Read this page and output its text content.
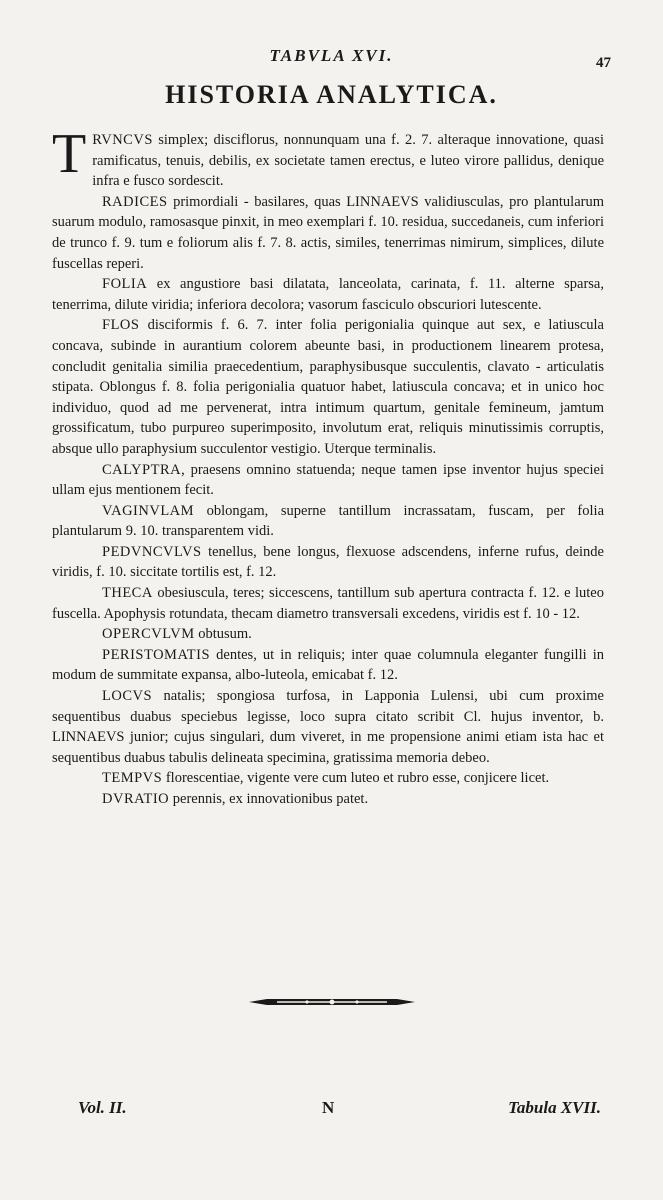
TABVLA XVI.	47
HISTORIA ANALYTICA.

TRVNCVS simplex; disciflorus, nonnunquam una f. 2. 7. alteraque innovatione, quasi ramificatus, tenuis, debilis, ex societate tamen erectus, e luteo virore pallidus, denique infra e fusco sordescit.

RADICES primordiali - basilares, quas LINNAEVS validiusculas, pro plantularum suarum modulo, ramosasque pinxit, in meo exemplari f. 10. residua, succedaneis, cum inferiori de trunco f. 9. tum e foliorum alis f. 7. 8. actis, similes, tenerrimas nimirum, simplices, dilute fuscellas reperi.

FOLIA ex angustiore basi dilatata, lanceolata, carinata, f. 11. alterne sparsa, tenerrima, dilute viridia; inferiora decolora; vasorum fasciculo obscuriori lutescente.

FLOS disciformis f. 6. 7. inter folia perigonialia quinque aut sex, e latiuscula concava, subinde in aurantium colorem abeunte basi, in productionem linearem protesa, concludit genitalia similia praecedentium, paraphysibusque succulentis, clavato - articulatis stipata. Oblongus f. 8. folia perigonialia quatuor habet, latiuscula concava; et in unico hoc individuo, quod ad me pervenerat, intra intimum quartum, genitale femineum, jamtum grossificatum, tubo purpureo superimposito, involutum erat, reliquis minutissimis corruptis, absque ullo paraphysium succulentor vestigio. Uterque terminalis.

CALYPTRA, praesens omnino statuenda; neque tamen ipse inventor hujus speciei ullam ejus mentionem fecit.

VAGINVLAM oblongam, superne tantillum incrassatam, fuscam, per folia plantularum 9. 10. transparentem vidi.

PEDVNCVLVS tenellus, bene longus, flexuose adscendens, inferne rufus, deinde viridis, f. 10. siccitate tortilis est, f. 12.

THECA obesiuscula, teres; siccescens, tantillum sub apertura contracta f. 12. e luteo fuscella. Apophysis rotundata, thecam diametro transversali excedens, viridis est f. 10 - 12.

OPERCVLVM obtusum.

PERISTOMATIS dentes, ut in reliquis; inter quae columnula eleganter fungilli in modum de summitate expansa, albo-luteola, emicabat f. 12.

LOCVS natalis; spongiosa turfosa, in Lapponia Lulensi, ubi cum proxime sequentibus duabus speciebus legisse, loco supra citato scribit Cl. hujus inventor, b. LINNAEVS junior; cujus singulari, dum viveret, in me propensione animi etiam ista hac et sequentibus duabus tabulis delineata specimina, gratissima memoria debeo.

TEMPVS florescentiae, vigente vere cum luteo et rubro esse, conjicere licet.

DVRATIO perennis, ex innovationibus patet.

Vol. II.	N	Tabula XVII.
